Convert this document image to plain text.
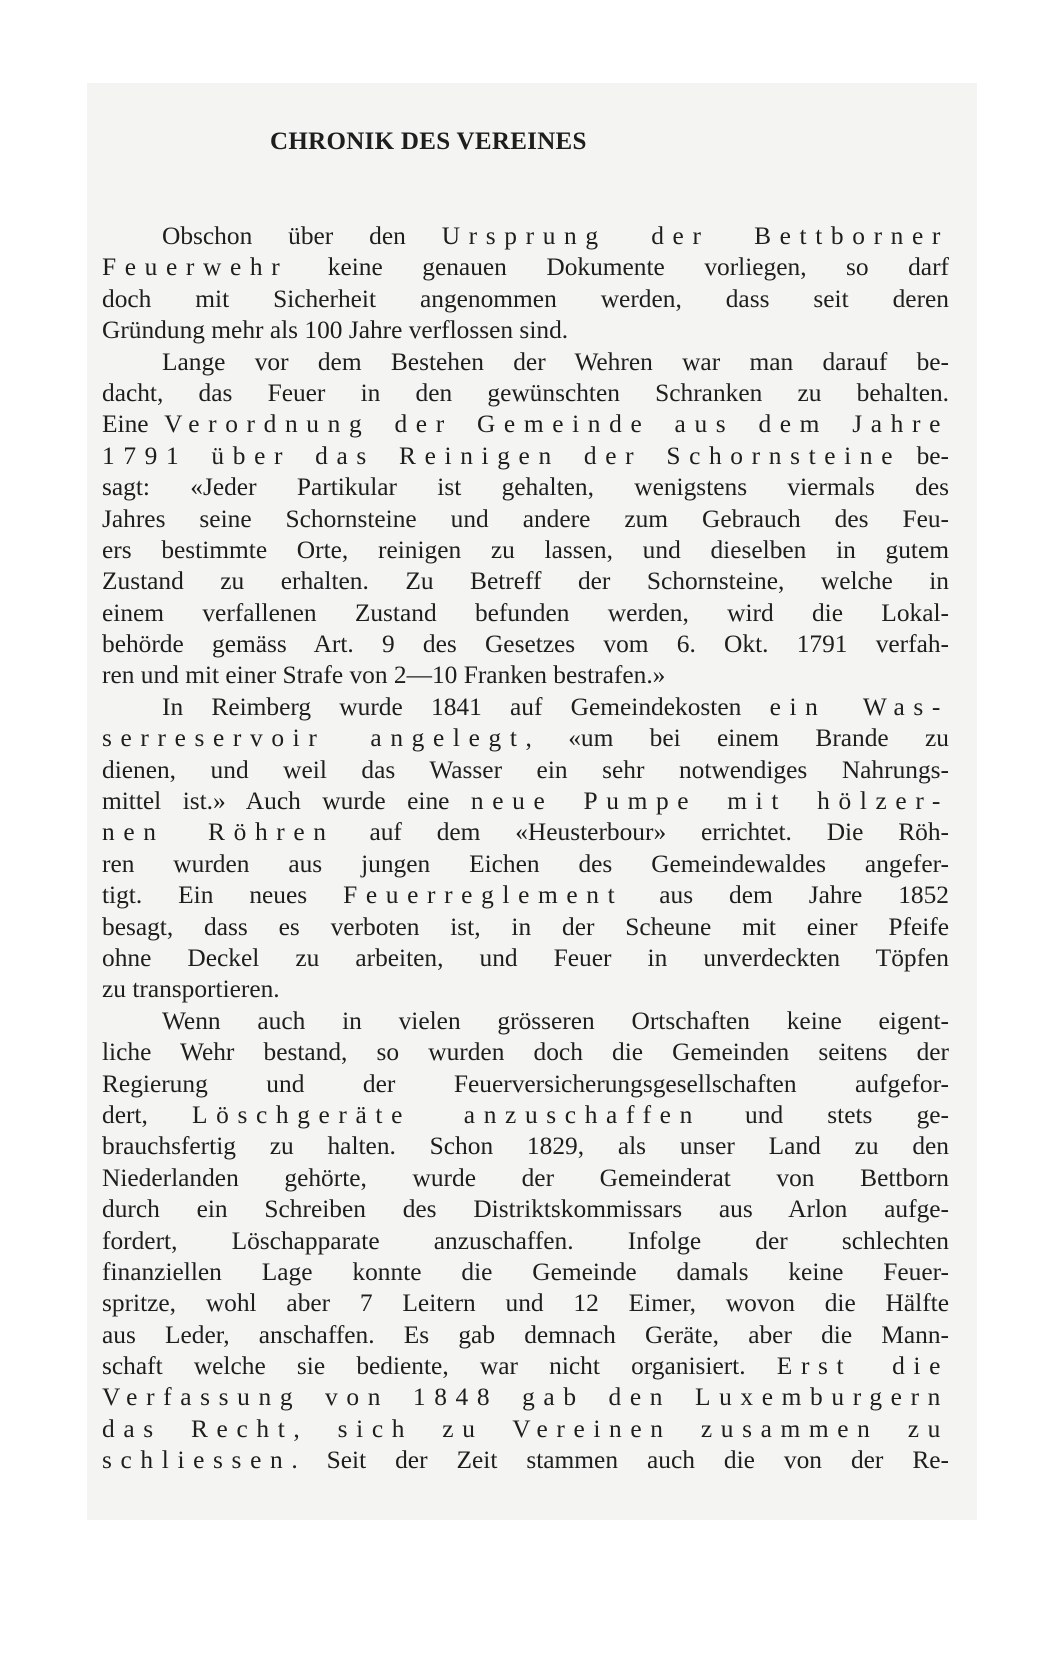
CHRONIK DES VEREINES
Obschon über den Ursprung der Bettborner
Feuerwehr keine genauen Dokumente vorliegen, so darf
doch mit Sicherheit angenommen werden, dass seit deren
Gründung mehr als 100 Jahre verflossen sind.
Lange vor dem Bestehen der Wehren war man darauf be-
dacht, das Feuer in den gewünschten Schranken zu behalten.
Eine Verordnung der Gemeinde aus dem Jahre
1791 über das Reinigen der Schornsteine be-
sagt: «Jeder Partikular ist gehalten, wenigstens viermals des
Jahres seine Schornsteine und andere zum Gebrauch des Feu-
ers bestimmte Orte, reinigen zu lassen, und dieselben in gutem
Zustand zu erhalten. Zu Betreff der Schornsteine, welche in
einem verfallenen Zustand befunden werden, wird die Lokal-
behörde gemäss Art. 9 des Gesetzes vom 6. Okt. 1791 verfah-
ren und mit einer Strafe von 2—10 Franken bestrafen.»
In Reimberg wurde 1841 auf Gemeindekosten ein Was-
serreservoir angelegt, «um bei einem Brande zu
dienen, und weil das Wasser ein sehr notwendiges Nahrungs-
mittel ist.» Auch wurde eine neue Pumpe mit hölzer-
nen Röhren auf dem «Heusterbour» errichtet. Die Röh-
ren wurden aus jungen Eichen des Gemeindewaldes angefer-
tigt. Ein neues Feuerreglement aus dem Jahre 1852
besagt, dass es verboten ist, in der Scheune mit einer Pfeife
ohne Deckel zu arbeiten, und Feuer in unverdeckten Töpfen
zu transportieren.
Wenn auch in vielen grösseren Ortschaften keine eigent-
liche Wehr bestand, so wurden doch die Gemeinden seitens der
Regierung und der Feuerversicherungsgesellschaften aufgefor-
dert, Löschgeräte anzuschaffen und stets ge-
brauchsfertig zu halten. Schon 1829, als unser Land zu den
Niederlanden gehörte, wurde der Gemeinderat von Bettborn
durch ein Schreiben des Distriktskommissars aus Arlon aufge-
fordert, Löschapparate anzuschaffen. Infolge der schlechten
finanziellen Lage konnte die Gemeinde damals keine Feuer-
spritze, wohl aber 7 Leitern und 12 Eimer, wovon die Hälfte
aus Leder, anschaffen. Es gab demnach Geräte, aber die Mann-
schaft welche sie bediente, war nicht organisiert. Erst die
Verfassung von 1848 gab den Luxemburgern
das Recht, sich zu Vereinen zusammen zu
schliessen. Seit der Zeit stammen auch die von der Re-
